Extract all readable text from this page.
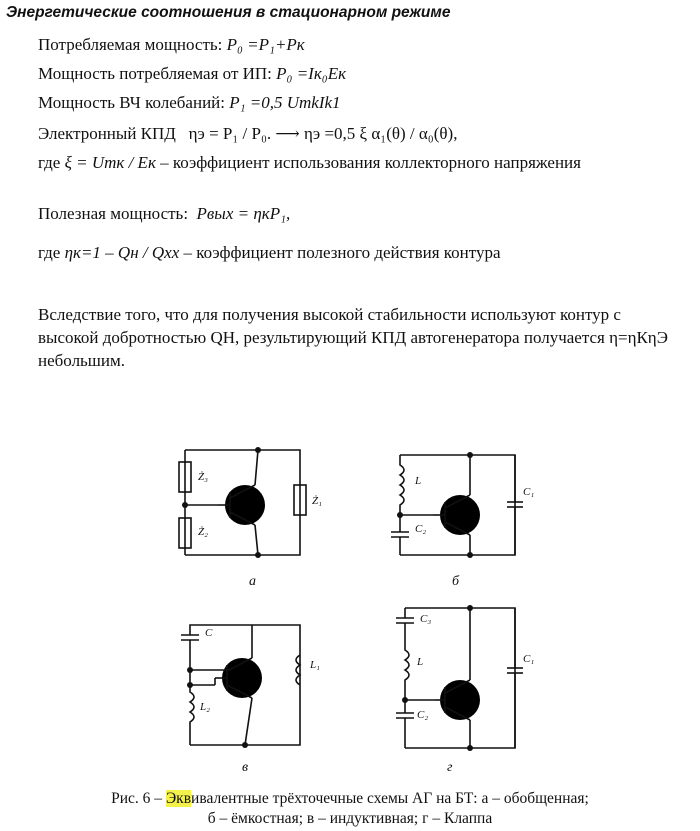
Энергетические соотношения в стационарном режиме
Потребляемая мощность: P₀ =P₁+Pк
Мощность потребляемая от ИП: P₀ =Iк₀Eк
Мощность ВЧ колебаний: P₁ =0,5 UmkIk1
Электронный КПД ηэ = P₁ / P₀. ⟶ ηэ =0,5 ξ α₁(θ) / α₀(θ),
где ξ = Umк / Eк – коэффициент использования коллекторного напряжения
Полезная мощность:  Pвых = ηкP₁,
где ηк=1 – Qн / Qхх – коэффициент полезного действия контура
Вследствие того, что для получения высокой стабильности используют контур с высокой добротностью QН, результирующий КПД автогенератора получается η=ηКηЭ небольшим.
Ż₃
Ż₂
Ż₁
а
L
C₂
C₁
б
C
L₂
L₁
в
C₃
L
C₂
C₁
г
Рис. 6 – Эквивалентные трёхточечные схемы АГ на БТ: а – обобщенная;
б – ёмкостная; в – индуктивная; г – Клаппа
